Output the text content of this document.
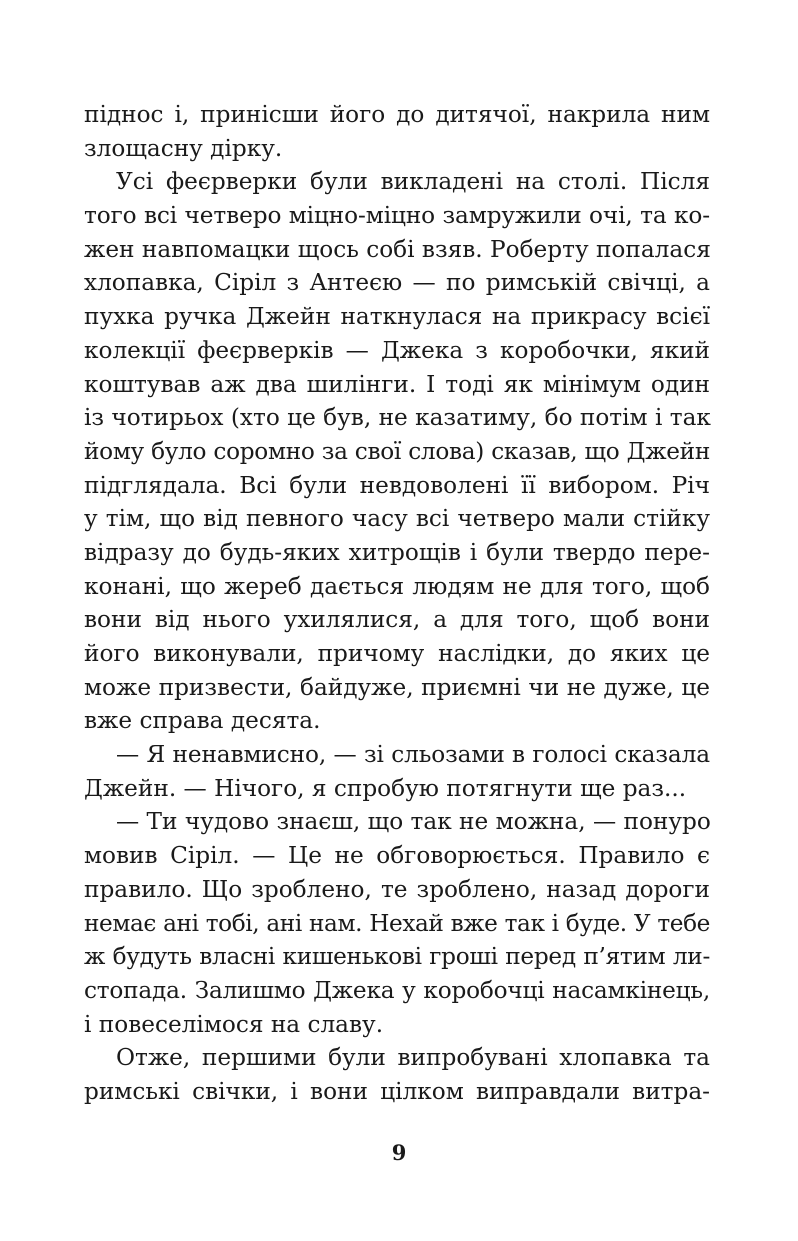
піднос і, принісши його до дитячої, накрила ним
злощасну дірку.
Усі феєрверки були викладені на столі. Після
того всі четверо міцно-міцно замружили очі, та ко-
жен навпомацки щось собі взяв. Роберту попалася
хлопавка, Сіріл з Антеєю — по римській свічці, а
пухка ручка Джейн наткнулася на прикрасу всієї
колекції феєрверків — Джека з коробочки, який
коштував аж два шилінги. І тоді як мінімум один
із чотирьох (хто це був, не казатиму, бо потім і так
йому було соромно за свої слова) сказав, що Джейн
підглядала. Всі були невдоволені її вибором. Річ
у тім, що від певного часу всі четверо мали стійку
відразу до будь-яких хитрощів і були твердо пере-
конані, що жереб дається людям не для того, щоб
вони від нього ухилялися, а для того, щоб вони
його виконували, причому наслідки, до яких це
може призвести, байдуже, приємні чи не дуже, це
вже справа десята.
— Я ненавмисно, — зі сльозами в голосі сказала
Джейн. — Нічого, я спробую потягнути ще раз...
— Ти чудово знаєш, що так не можна, — понуро
мовив Сіріл. — Це не обговорюється. Правило є
правило. Що зроблено, те зроблено, назад дороги
немає ані тобі, ані нам. Нехай вже так і буде. У тебе
ж будуть власні кишенькові гроші перед п’ятим ли-
стопада. Залишмо Джека у коробочці насамкінець,
і повеселімося на славу.
Отже, першими були випробувані хлопавка та
римські свічки, і вони цілком виправдали витра-
9
